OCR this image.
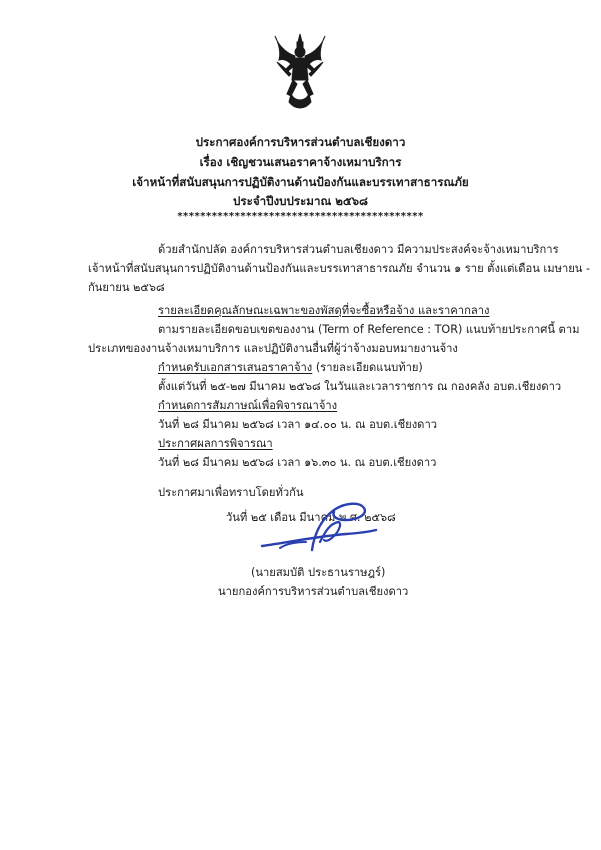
ประกาศองค์การบริหารส่วนตำบลเชียงดาว
เรื่อง เชิญชวนเสนอราคาจ้างเหมาบริการ
เจ้าหน้าที่สนับสนุนการปฏิบัติงานด้านป้องกันและบรรเทาสาธารณภัย
ประจำปีงบประมาณ ๒๕๖๘
*******************************************
ด้วยสำนักปลัด องค์การบริหารส่วนตำบลเชียงดาว มีความประสงค์จะจ้างเหมาบริการ
เจ้าหน้าที่สนับสนุนการปฏิบัติงานด้านป้องกันและบรรเทาสาธารณภัย จำนวน ๑ ราย ตั้งแต่เดือน เมษายน -
กันยายน ๒๕๖๘
รายละเอียดคุณลักษณะเฉพาะของพัสดุที่จะซื้อหรือจ้าง และราคากลาง
ตามรายละเอียดขอบเขตของงาน (Term of Reference : TOR) แนบท้ายประกาศนี้ ตาม
ประเภทของงานจ้างเหมาบริการ และปฏิบัติงานอื่นที่ผู้ว่าจ้างมอบหมายงานจ้าง
กำหนดรับเอกสารเสนอราคาจ้าง (รายละเอียดแนบท้าย)
ตั้งแต่วันที่ ๒๕-๒๗ มีนาคม ๒๕๖๘ ในวันและเวลาราชการ ณ กองคลัง อบต.เชียงดาว
กำหนดการสัมภาษณ์เพื่อพิจารณาจ้าง
วันที่ ๒๘ มีนาคม ๒๕๖๘ เวลา ๑๔.๐๐ น. ณ อบต.เชียงดาว
ประกาศผลการพิจารณา
วันที่ ๒๘ มีนาคม ๒๕๖๘ เวลา ๑๖.๓๐ น. ณ อบต.เชียงดาว
ประกาศมาเพื่อทราบโดยทั่วกัน
วันที่ ๒๕ เดือน มีนาคม พ.ศ. ๒๕๖๘
(นายสมบัติ ประธานราษฎร์)
นายกองค์การบริหารส่วนตำบลเชียงดาว
